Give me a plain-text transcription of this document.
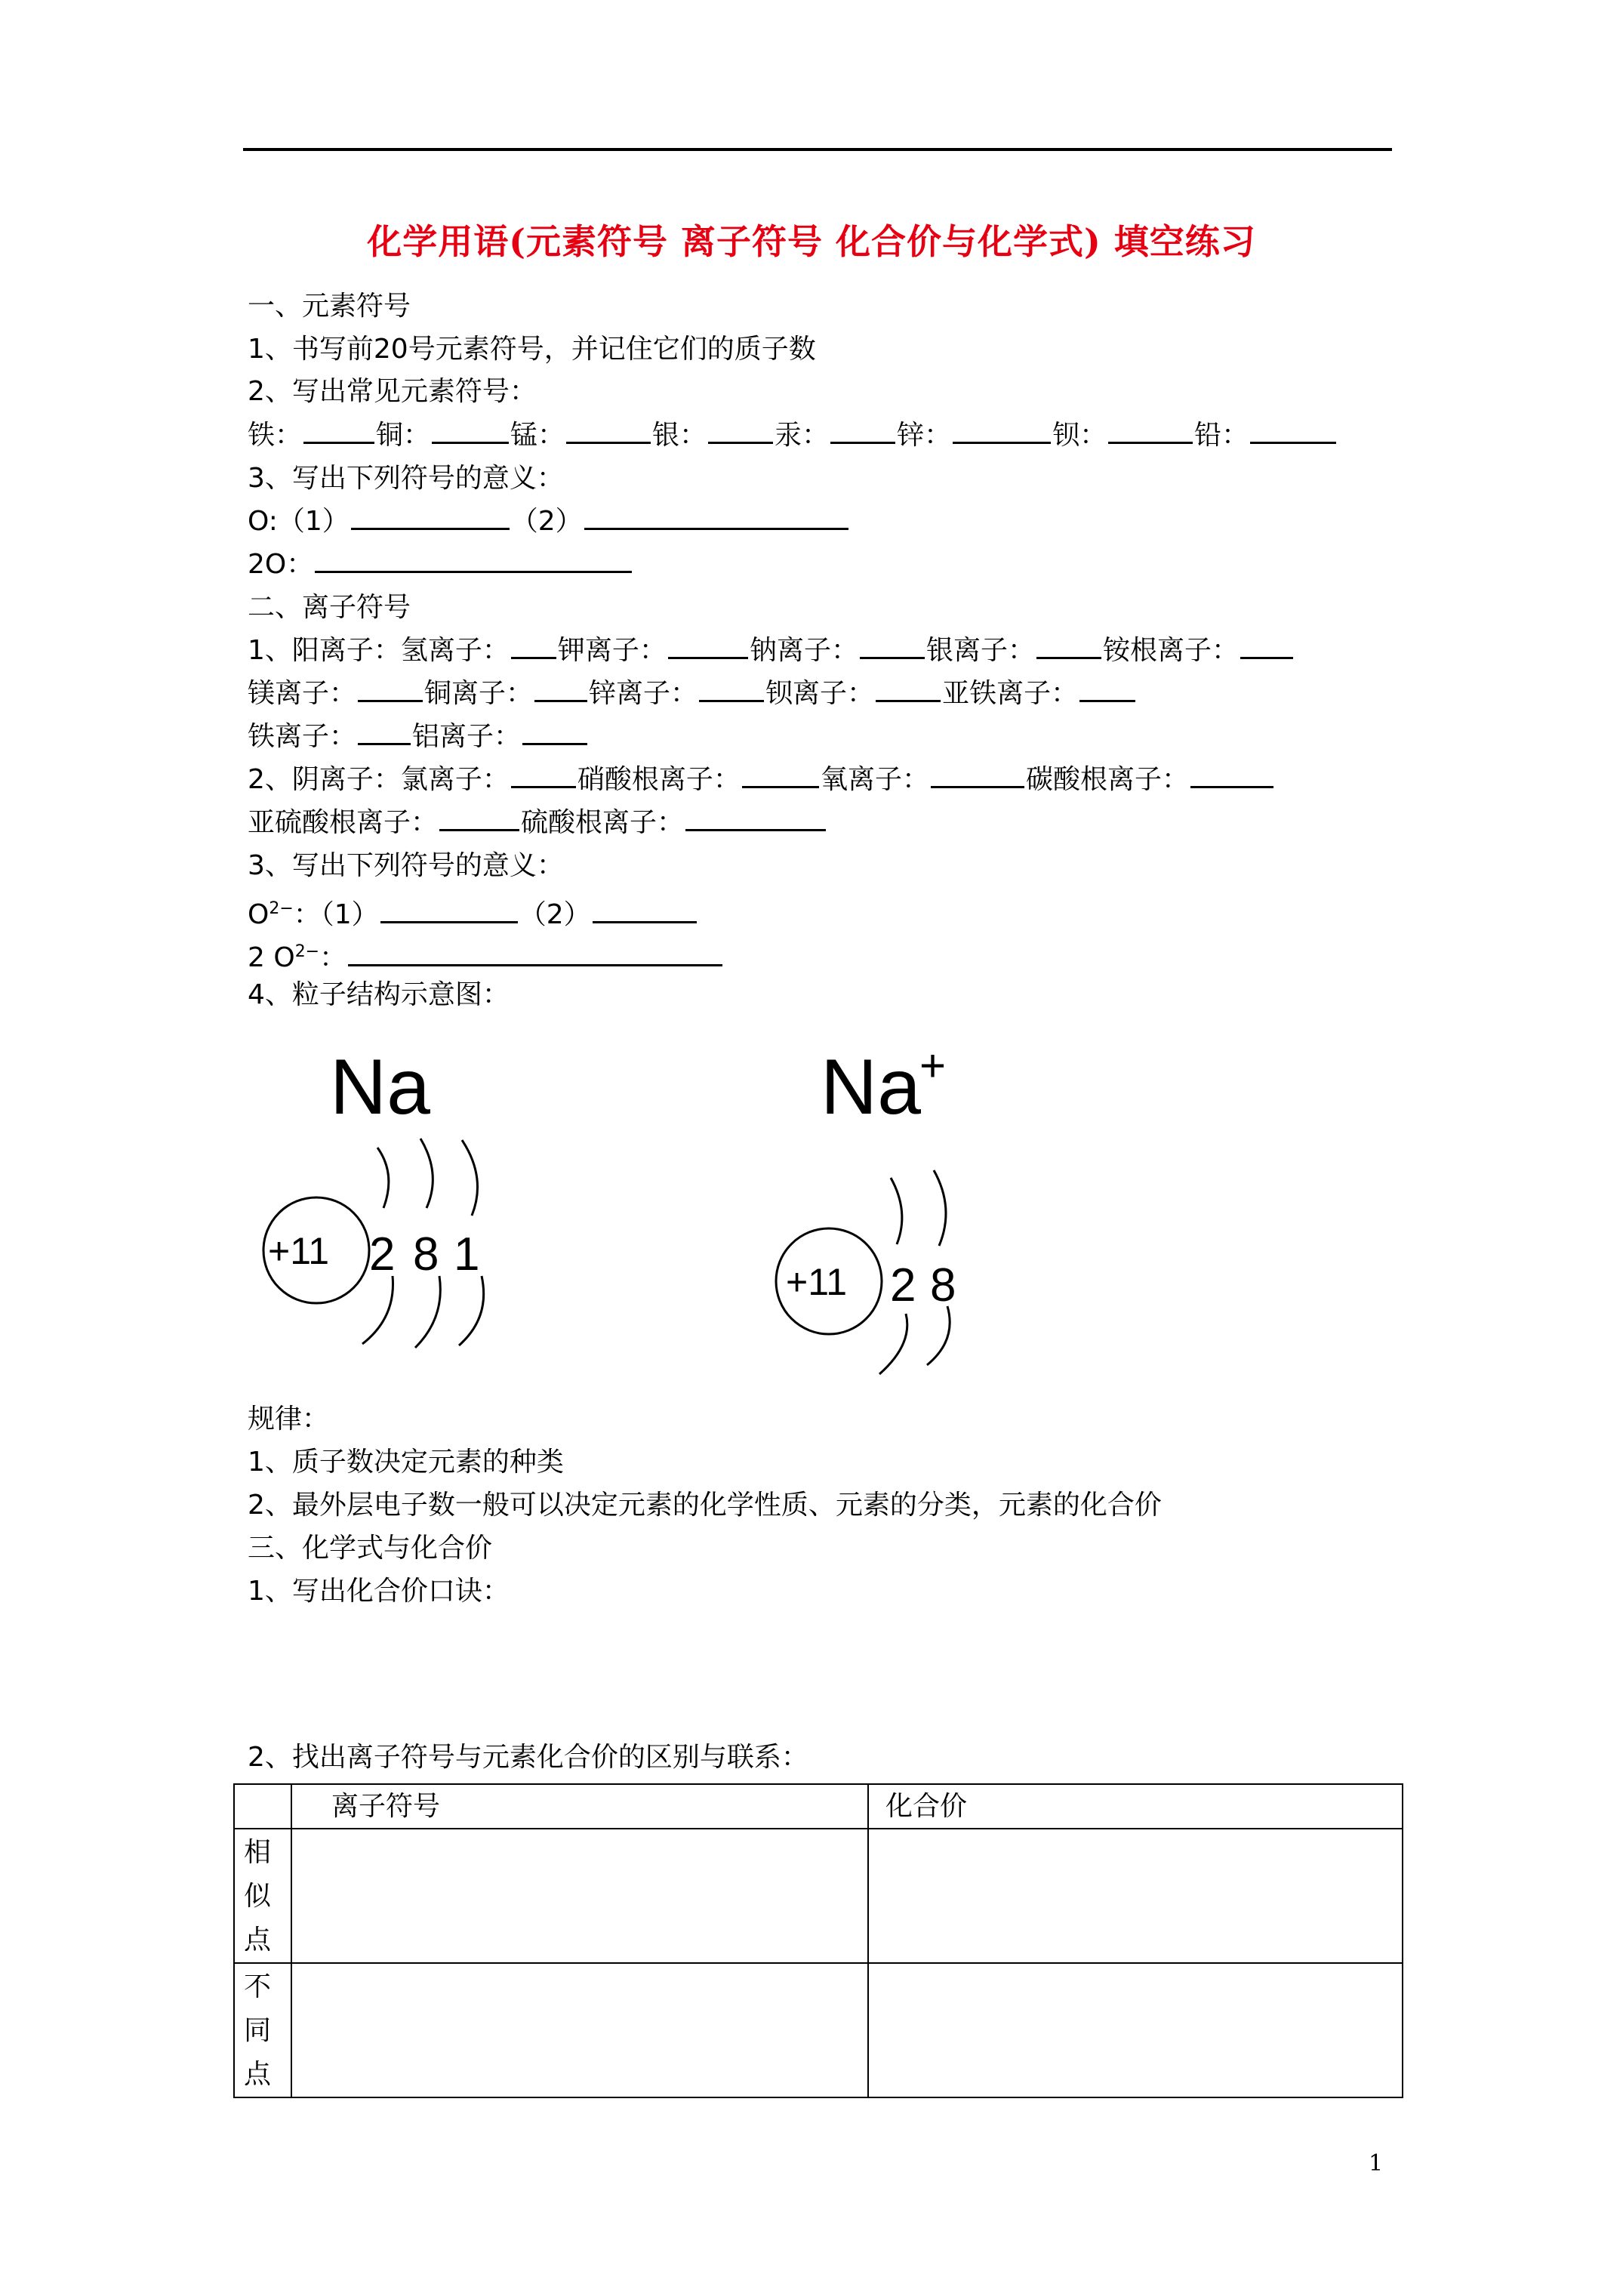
化学用语(元素符号 离子符号 化合价与化学式) 填空练习
一、元素符号
1、书写前20号元素符号，并记住它们的质子数
2、写出常见元素符号：
铁：	铜：	锰：	银：	汞：	锌：	钡：	铅：
3、写出下列符号的意义：
O:（1）	（2）
2O：
二、离子符号
1、阳离子：氢离子： 钾离子：	钠离子：	银离子：	铵根离子：
镁离子：	铜离子： 锌离子：	钡离子：	亚铁离子：
铁离子： 铝离子：
2、阴离子：氯离子：	硝酸根离子：	氧离子：	碳酸根离子：
亚硫酸根离子：	硫酸根离子：
3、写出下列符号的意义：
$O^{2-}$：（1）	（2）
2 $O^{2-}$：
4、粒子结构示意图：
Na
+11 2 8 1
Na
+
+11 2 8
规律：
1、质子数决定元素的种类
2、最外层电子数一般可以决定元素的化学性质、元素的分类，元素的化合价
三、化学式与化合价
1、写出化合价口诀：
2、找出离子符号与元素化合价的区别与联系：
	离子符号	化合价

相
似
点		

不
同
点		

1
